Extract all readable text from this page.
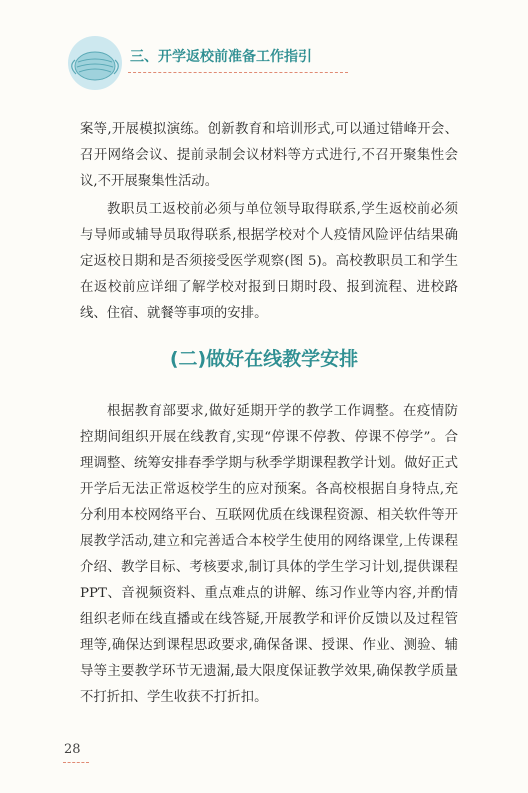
三、开学返校前准备工作指引

案等,开展模拟演练。创新教育和培训形式,可以通过错峰开会、召开网络会议、提前录制会议材料等方式进行,不召开聚集性会议,不开展聚集性活动。

教职员工返校前必须与单位领导取得联系,学生返校前必须与导师或辅导员取得联系,根据学校对个人疫情风险评估结果确定返校日期和是否须接受医学观察(图 5)。高校教职员工和学生在返校前应详细了解学校对报到日期时段、报到流程、进校路线、住宿、就餐等事项的安排。

(二)做好在线教学安排

根据教育部要求,做好延期开学的教学工作调整。在疫情防控期间组织开展在线教育,实现“停课不停教、停课不停学”。合理调整、统筹安排春季学期与秋季学期课程教学计划。做好正式开学后无法正常返校学生的应对预案。各高校根据自身特点,充分利用本校网络平台、互联网优质在线课程资源、相关软件等开展教学活动,建立和完善适合本校学生使用的网络课堂,上传课程介绍、教学目标、考核要求,制订具体的学生学习计划,提供课程 PPT、音视频资料、重点难点的讲解、练习作业等内容,并酌情组织老师在线直播或在线答疑,开展教学和评价反馈以及过程管理等,确保达到课程思政要求,确保备课、授课、作业、测验、辅导等主要教学环节无遗漏,最大限度保证教学效果,确保教学质量不打折扣、学生收获不打折扣。

28
